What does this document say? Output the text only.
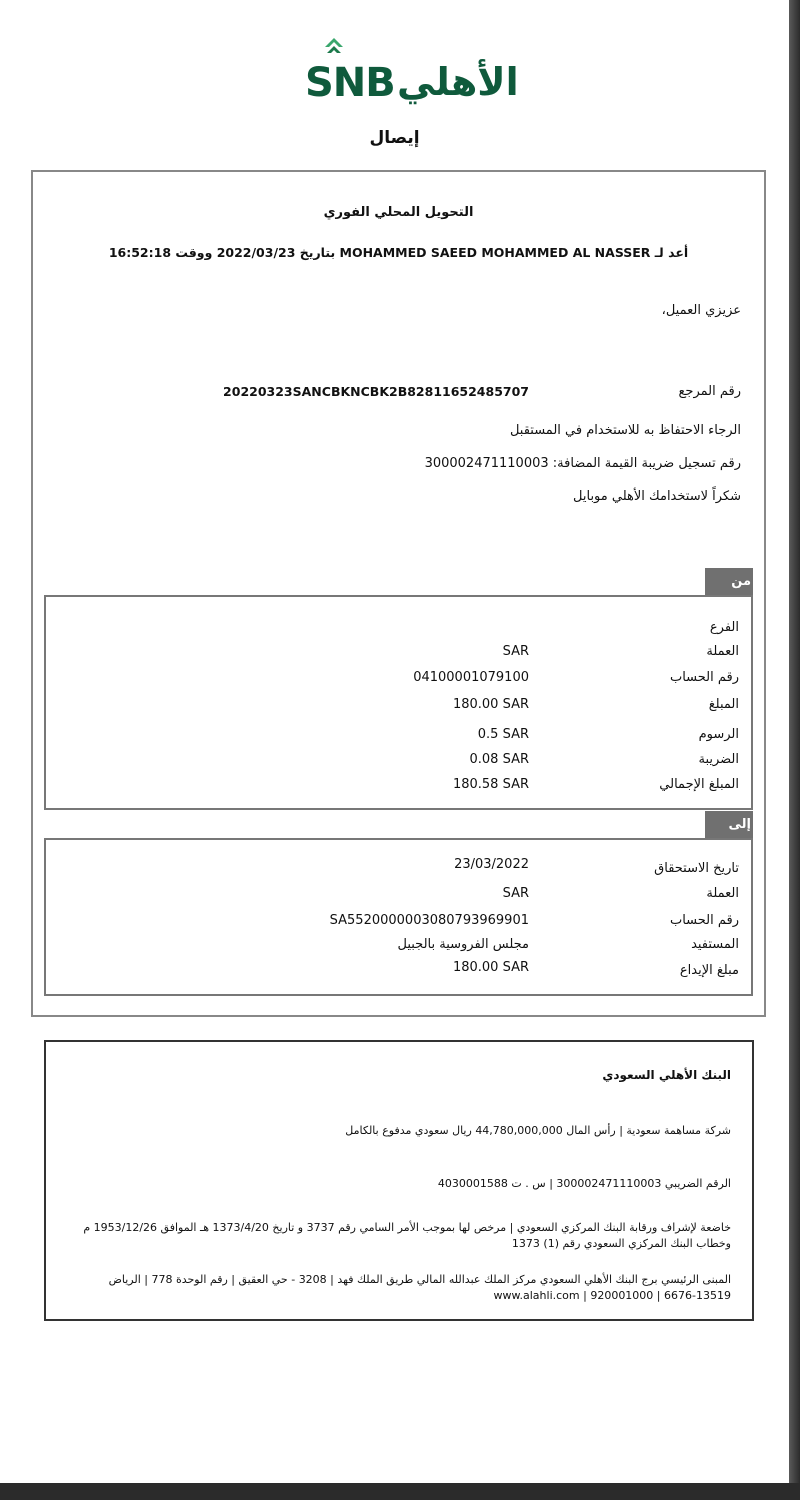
SNB الأهلي
إيصال
التحويل المحلي الفوري
أعد لـ MOHAMMED SAEED MOHAMMED AL NASSER بتاريخ 2022/03/23 ووقت 16:52:18
عزيزي العميل،
رقم المرجع
20220323SANCBKNCBK2B82811652485707
الرجاء الاحتفاظ به للاستخدام في المستقبل
رقم تسجيل ضريبة القيمة المضافة: 300002471110003
شكراً لاستخدامك الأهلي موبايل
من
الفرع
العملة
SAR
رقم الحساب
04100001079100
المبلغ
180.00 SAR
الرسوم
0.5 SAR
الضريبة
0.08 SAR
المبلغ الإجمالي
180.58 SAR
إلى
تاريخ الاستحقاق
23/03/2022
العملة
SAR
رقم الحساب
SA5520000003080793969901
المستفيد
مجلس الفروسية بالجبيل
مبلغ الإيداع
180.00 SAR
البنك الأهلي السعودي
شركة مساهمة سعودية | رأس المال 44,780,000,000 ريال سعودي مدفوع بالكامل
الرقم الضريبي 300002471110003 | س . ت 4030001588
خاضعة لإشراف ورقابة البنك المركزي السعودي | مرخص لها بموجب الأمر السامي رقم 3737 و تاريخ 1373/4/20 هـ الموافق 1953/12/26 م وخطاب البنك المركزي السعودي رقم (1) 1373
المبنى الرئيسي برج البنك الأهلي السعودي مركز الملك عبدالله المالي طريق الملك فهد | 3208 - حي العقيق | رقم الوحدة 778 | الرياض 13519-6676 | www.alahli.com | 920001000
